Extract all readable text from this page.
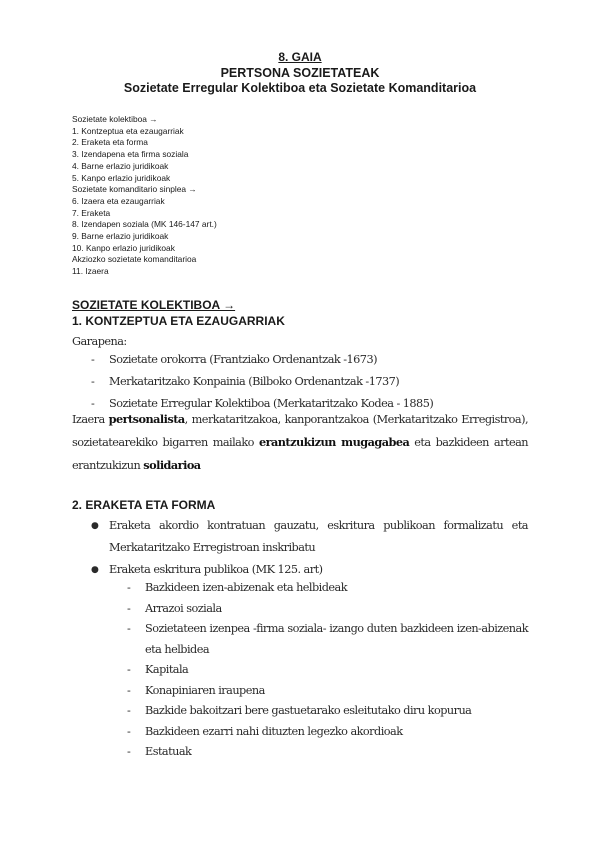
8. GAIA
PERTSONA SOZIETATEAK
Sozietate Erregular Kolektiboa eta Sozietate Komanditarioa
Sozietate kolektiboa →
1. Kontzeptua eta ezaugarriak
2. Eraketa eta forma
3. Izendapena eta firma soziala
4. Barne erlazio juridikoak
5. Kanpo erlazio juridikoak
Sozietate komanditario sinplea →
6. Izaera eta ezaugarriak
7. Eraketa
8. Izendapen soziala (MK 146-147 art.)
9. Barne erlazio juridikoak
10. Kanpo erlazio juridikoak
Akziozko sozietate komanditarioa
11. Izaera
SOZIETATE KOLEKTIBOA →
1. KONTZEPTUA ETA EZAUGARRIAK
Garapena:
- Sozietate orokorra (Frantziako Ordenantzak -1673)
- Merkataritzako Konpainia (Bilboko Ordenantzak -1737)
- Sozietate Erregular Kolektiboa (Merkataritzako Kodea - 1885)
Izaera pertsonalista, merkataritzakoa, kanporantzakoa (Merkataritzako Erregistroa), sozietatearekiko bigarren mailako erantzukizun mugagabea eta bazkideen artean erantzukizun solidarioa
2. ERAKETA ETA FORMA
● Eraketa akordio kontratuan gauzatu, eskritura publikoan formalizatu eta Merkataritzako Erregistroan inskribatu
● Eraketa eskritura publikoa (MK 125. art)
- Bazkideen izen-abizenak eta helbideak
- Arrazoi soziala
- Sozietateen izenpea -firma soziala- izango duten bazkideen izen-abizenak eta helbidea
- Kapitala
- Konapiniaren iraupena
- Bazkide bakoitzari bere gastuetarako esleitutako diru kopurua
- Bazkideen ezarri nahi dituzten legezko akordioak
- Estatuak
